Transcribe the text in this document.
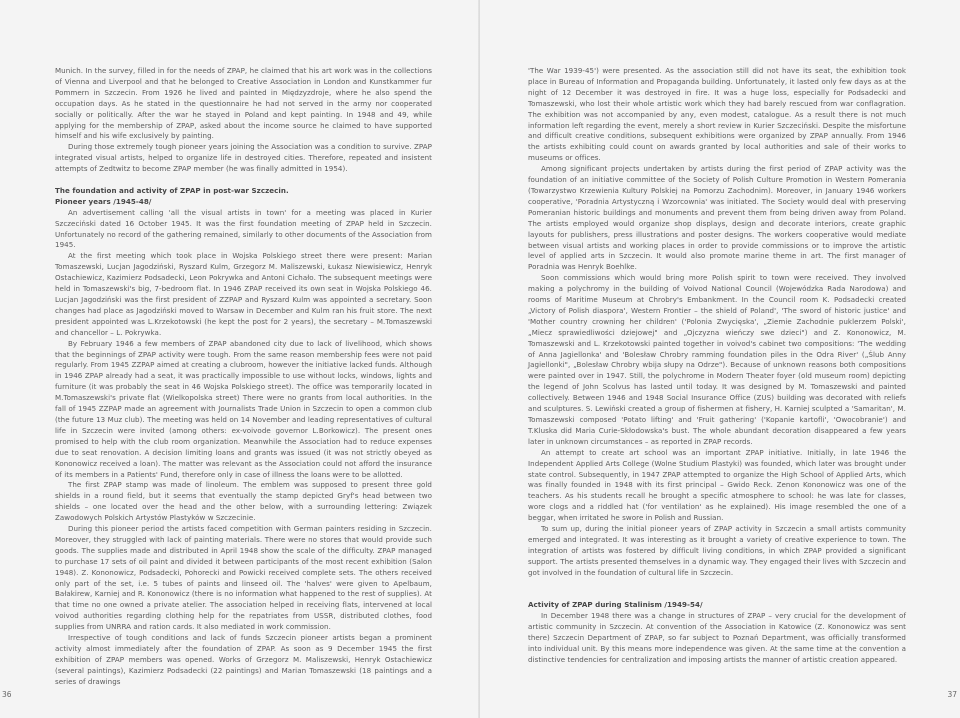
Munich. In the survey, filled in for the needs of ZPAP, he claimed that his art work was in the collections of Vienna and Liverpool and that he belonged to Creative Association in London and Kunstkammer fur Pommern in Szczecin. From 1926 he lived and painted in Międzyzdroje, where he also spend the occupation days. As he stated in the questionnaire he had not served in the army nor cooperated socially or politically. After the war he stayed in Poland and kept painting. In 1948 and 49, while applying for the membership of ZPAP, asked about the income source he claimed to have supported himself and his wife exclusively by painting.

During those extremely tough pioneer years joining the Association was a condition to survive. ZPAP integrated visual artists, helped to organize life in destroyed cities. Therefore, repeated and insistent attempts of Zedtwitz to become ZPAP member (he was finally admitted in 1954).

The foundation and activity of ZPAP in post-war Szczecin.
Pioneer years /1945-48/

An advertisement calling 'all the visual artists in town' for a meeting was placed in Kurier Szczeciński dated 16 October 1945. It was the first foundation meeting of ZPAP held in Szczecin. Unfortunately no record of the gathering remained, similarly to other documents of the Association from 1945.

At the first meeting which took place in Wojska Polskiego street there were present: Marian Tomaszewski, Lucjan Jagodziński, Ryszard Kulm, Grzegorz M. Maliszewski, Łukasz Niewisiewicz, Henryk Ostachiewicz, Kazimierz Podsadecki, Leon Pokrywka and Antoni Cichało. The subsequent meetings were held in Tomaszewski's big, 7-bedroom flat. In 1946 ZPAP received its own seat in Wojska Polskiego 46. Lucjan Jagodziński was the first president of ZZPAP and Ryszard Kulm was appointed a secretary. Soon changes had place as Jagodziński moved to Warsaw in December and Kulm ran his fruit store. The next president appointed was L.Krzekotowski (he kept the post for 2 years), the secretary – M.Tomaszewski and chancellor – L. Pokrywka.

By February 1946 a few members of ZPAP abandoned city due to lack of livelihood, which shows that the beginnings of ZPAP activity were tough. From the same reason membership fees were not paid regularly. From 1945 ZZPAP aimed at creating a clubroom, however the initiative lacked funds. Although in 1946 ZPAP already had a seat, it was practically impossible to use without locks, windows, lights and furniture (it was probably the seat in 46 Wojska Polskiego street). The office was temporarily located in M.Tomaszewski's private flat (Wielkopolska street) There were no grants from local authorities. In the fall of 1945 ZZPAP made an agreement with Journalists Trade Union in Szczecin to open a common club (the future 13 Muz club). The meeting was held on 14 November and leading representatives of cultural life in Szczecin were invited (among others: ex-voivode governor L.Borkowicz). The present ones promised to help with the club room organization. Meanwhile the Association had to reduce expenses due to seat renovation. A decision limiting loans and grants was issued (it was not strictly obeyed as Kononowicz received a loan). The matter was relevant as the Association could not afford the insurance of its members in a Patients' Fund, therefore only in case of illness the loans were to be allotted.

The first ZPAP stamp was made of linoleum. The emblem was supposed to present three gold shields in a round field, but it seems that eventually the stamp depicted Gryf's head between two shields – one located over the head and the other below, with a surrounding lettering: Związek Zawodowych Polskich Artystów Plastyków w Szczecinie.

During this pioneer period the artists faced competition with German painters residing in Szczecin. Moreover, they struggled with lack of painting materials. There were no stores that would provide such goods. The supplies made and distributed in April 1948 show the scale of the difficulty. ZPAP managed to purchase 17 sets of oil paint and divided it between participants of the most recent exhibition (Salon 1948). Z. Kononowicz, Podsadecki, Pohorecki and Powicki received complete sets. The others received only part of the set, i.e. 5 tubes of paints and linseed oil. The 'halves' were given to Apelbaum, Bałakirew, Karniej and R. Kononowicz (there is no information what happened to the rest of supplies). At that time no one owned a private atelier. The association helped in receiving flats, intervened at local voivod authorities regarding clothing help for the repatriates from USSR, distributed clothes, food supplies from UNRRA and ration cards. It also mediated in work commission.

Irrespective of tough conditions and lack of funds Szczecin pioneer artists began a prominent activity almost immediately after the foundation of ZPAP. As soon as 9 December 1945 the first exhibition of ZPAP members was opened. Works of Grzegorz M. Maliszewski, Henryk Ostachiewicz (several paintings), Kazimierz Podsadecki (22 paintings) and Marian Tomaszewski (18 paintings and a series of drawings

36

'The War 1939-45') were presented. As the association still did not have its seat, the exhibition took place in Bureau of Information and Propaganda building. Unfortunately, it lasted only few days as at the night of 12 December it was destroyed in fire. It was a huge loss, especially for Podsadecki and Tomaszewski, who lost their whole artistic work which they had barely rescued from war conflagration. The exhibition was not accompanied by any, even modest, catalogue. As a result there is not much information left regarding the event, merely a short review in Kurier Szczeciński. Despite the misfortune and difficult creative conditions, subsequent exhibitions were organized by ZPAP annually. From 1946 the artists exhibiting could count on awards granted by local authorities and sale of their works to museums or offices.

Among significant projects undertaken by artists during the first period of ZPAP activity was the foundation of an initiative committee of the Society of Polish Culture Promotion in Western Pomerania (Towarzystwo Krzewienia Kultury Polskiej na Pomorzu Zachodnim). Moreover, in January 1946 workers cooperative, 'Poradnia Artystyczną i Wzorcownia' was initiated. The Society would deal with preserving Pomeranian historic buildings and monuments and prevent them from being driven away from Poland. The artists employed would organize shop displays, design and decorate interiors, create graphic layouts for publishers, press illustrations and poster designs. The workers cooperative would mediate between visual artists and working places in order to provide commissions or to improve the artistic level of applied arts in Szczecin. It would also promote marine theme in art. The first manager of Poradnia was Henryk Boehlke.

Soon commissions which would bring more Polish spirit to town were received. They involved making a polychromy in the building of Voivod National Council (Wojewódzka Rada Narodowa) and rooms of Maritime Museum at Chrobry's Embankment. In the Council room K. Podsadecki created „Victory of Polish diaspora', Western Frontier – the shield of Poland', 'The sword of historic justice' and 'Mother country crowning her children' ('Polonia Zwycięska', „Ziemie Zachodnie puklerzem Polski', „Miecz sprawiedliwości dziejowej" and „Ojczyzna wieńczy swe dzieci") and Z. Kononowicz, M. Tomaszewski and L. Krzekotowski painted together in voivod's cabinet two compositions: 'The wedding of Anna Jagiellonka' and 'Bolesław Chrobry ramming foundation piles in the Odra River' („Ślub Anny Jagiellonki", „Bolesław Chrobry wbija słupy na Odrze"). Because of unknown reasons both compositions were painted over in 1947. Still, the polychrome in Modern Theater foyer (old museum room) depicting the legend of John Scolvus has lasted until today. It was designed by M. Tomaszewski and painted collectively. Between 1946 and 1948 Social Insurance Office (ZUS) building was decorated with reliefs and sculptures. S. Lewiński created a group of fishermen at fishery, H. Karniej sculpted a 'Samaritan', M. Tomaszewski composed 'Potato lifting' and 'Fruit gathering' ('Kopanie kartofli', 'Owocobranie') and T.Kluska did Maria Curie-Skłodowska's bust. The whole abundant decoration disappeared a few years later in unknown circumstances – as reported in ZPAP records.

An attempt to create art school was an important ZPAP initiative. Initially, in late 1946 the Independent Applied Arts College (Wolne Studium Plastyki) was founded, which later was brought under state control. Subsequently, in 1947 ZPAP attempted to organize the High School of Applied Arts, which was finally founded in 1948 with its first principal – Gwido Reck. Zenon Kononowicz was one of the teachers. As his students recall he brought a specific atmosphere to school: he was late for classes, wore clogs and a riddled hat ('for ventilation' as he explained). His image resembled the one of a beggar, when irritated he swore in Polish and Russian.

To sum up, during the initial pioneer years of ZPAP activity in Szczecin a small artists community emerged and integrated. It was interesting as it brought a variety of creative experience to town. The integration of artists was fostered by difficult living conditions, in which ZPAP provided a significant support. The artists presented themselves in a dynamic way. They engaged their lives with Szczecin and got involved in the foundation of cultural life in Szczecin.

Activity of ZPAP during Stalinism /1949-54/

In December 1948 there was a change in structures of ZPAP – very crucial for the development of artistic community in Szczecin. At convention of the Association in Katowice (Z. Kononowicz was sent there) Szczecin Department of ZPAP, so far subject to Poznań Department, was officially transformed into individual unit. By this means more independence was given. At the same time at the convention a distinctive tendencies for centralization and imposing artists the manner of artistic creation appeared.

37
